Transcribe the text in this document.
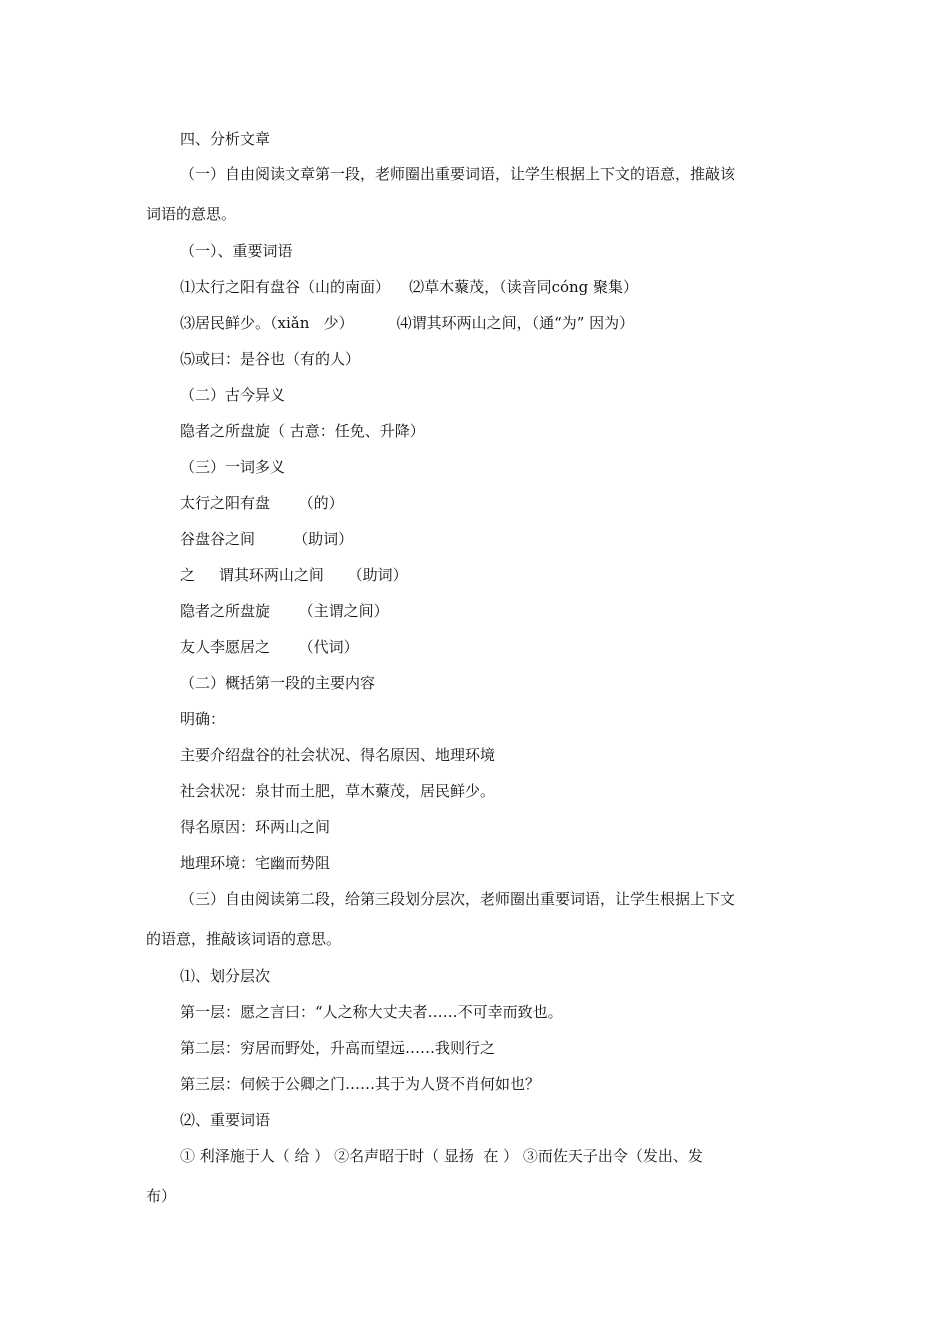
四、分析文章
（一）自由阅读文章第一段，老师圈出重要词语，让学生根据上下文的语意，推敲该
词语的意思。
（一）、重要词语
⑴太行之阳有盘谷（山的南面）    ⑵草木藂茂，（读音同cóng 聚集）
⑶居民鲜少。（xiǎn   少）         ⑷谓其环两山之间，（通“为” 因为）
⑸或曰：是谷也（有的人）
（二）古今异义
隐者之所盘旋（ 古意：任免、升降）
（三）一词多义
太行之阳有盘      （的）
谷盘谷之间        （助词）
之     谓其环两山之间     （助词）
隐者之所盘旋      （主谓之间）
友人李愿居之      （代词）
（二）概括第一段的主要内容
明确：
主要介绍盘谷的社会状况、得名原因、地理环境
社会状况：泉甘而土肥，草木藂茂，居民鲜少。
得名原因：环两山之间
地理环境：宅幽而势阻
（三）自由阅读第二段，给第三段划分层次，老师圈出重要词语，让学生根据上下文
的语意，推敲该词语的意思。
⑴、划分层次
第一层：愿之言曰：“人之称大丈夫者……不可幸而致也。
第二层：穷居而野处，升高而望远……我则行之
第三层：伺候于公卿之门……其于为人贤不肖何如也？
⑵、重要词语
① 利泽施于人（ 给 ） ②名声昭于时（ 显扬  在 ） ③而佐天子出令（发出、发
布）
